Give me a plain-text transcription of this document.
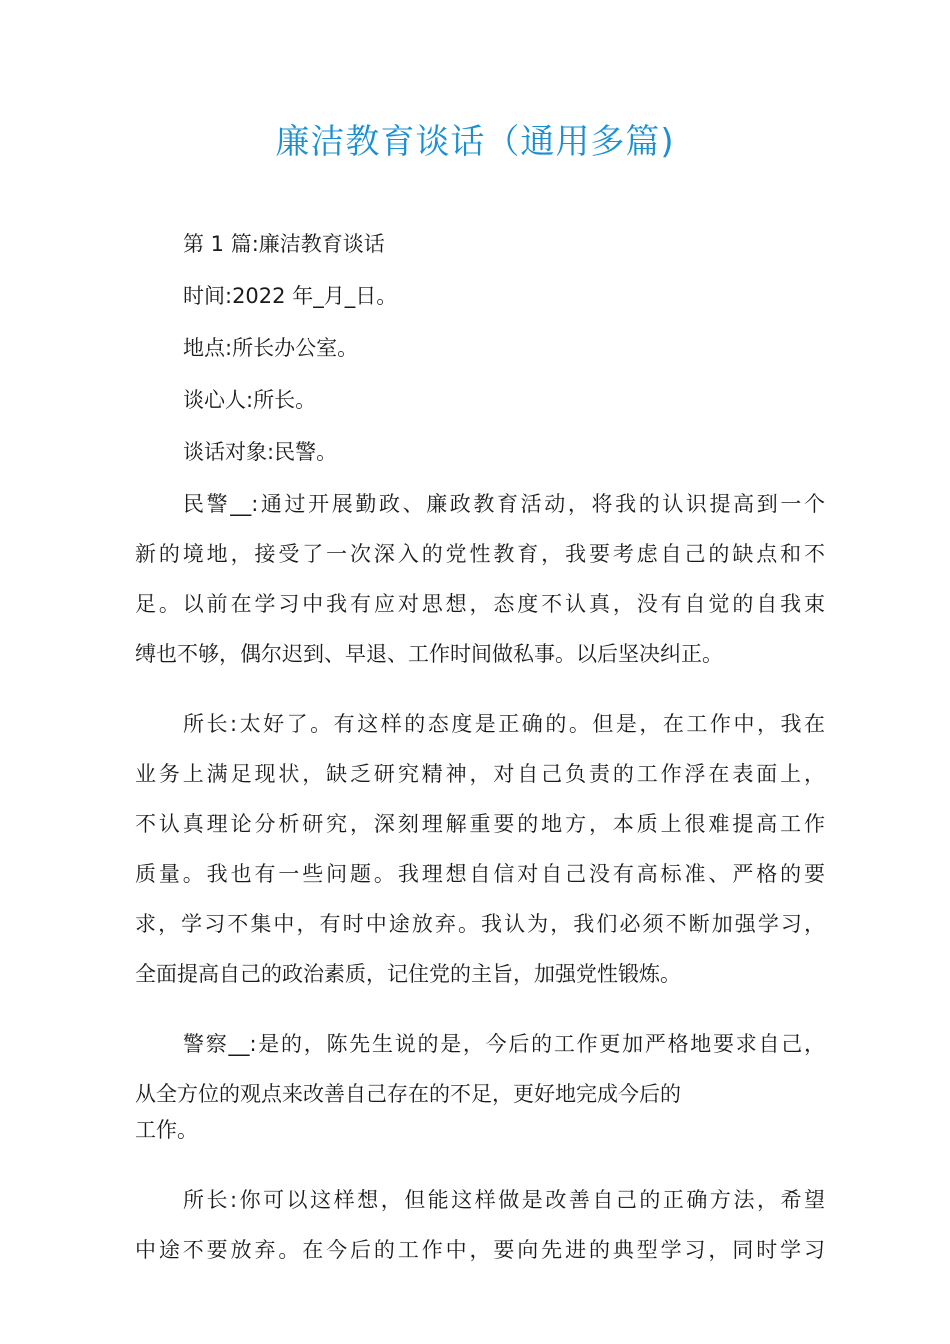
廉洁教育谈话（通用多篇)

第 1 篇:廉洁教育谈话

时间:2022 年_月_日。

地点:所长办公室。

谈心人:所长。

谈话对象:民警。

民警__:通过开展勤政、廉政教育活动，将我的认识提高到一个
新的境地，接受了一次深入的党性教育，我要考虑自己的缺点和不
足。以前在学习中我有应对思想，态度不认真，没有自觉的自我束
缚也不够，偶尔迟到、早退、工作时间做私事。以后坚决纠正。
所长:太好了。有这样的态度是正确的。但是，在工作中，我在
业务上满足现状，缺乏研究精神，对自己负责的工作浮在表面上，
不认真理论分析研究，深刻理解重要的地方，本质上很难提高工作
质量。我也有一些问题。我理想自信对自己没有高标准、严格的要
求，学习不集中，有时中途放弃。我认为，我们必须不断加强学习，
全面提高自己的政治素质，记住党的主旨，加强党性锻炼。
警察__:是的，陈先生说的是，今后的工作更加严格地要求自己，
从全方位的观点来改善自己存在的不足，更好地完成今后的
工作。
所长:你可以这样想，但能这样做是改善自己的正确方法，希望
中途不要放弃。在今后的工作中，要向先进的典型学习，同时学习
